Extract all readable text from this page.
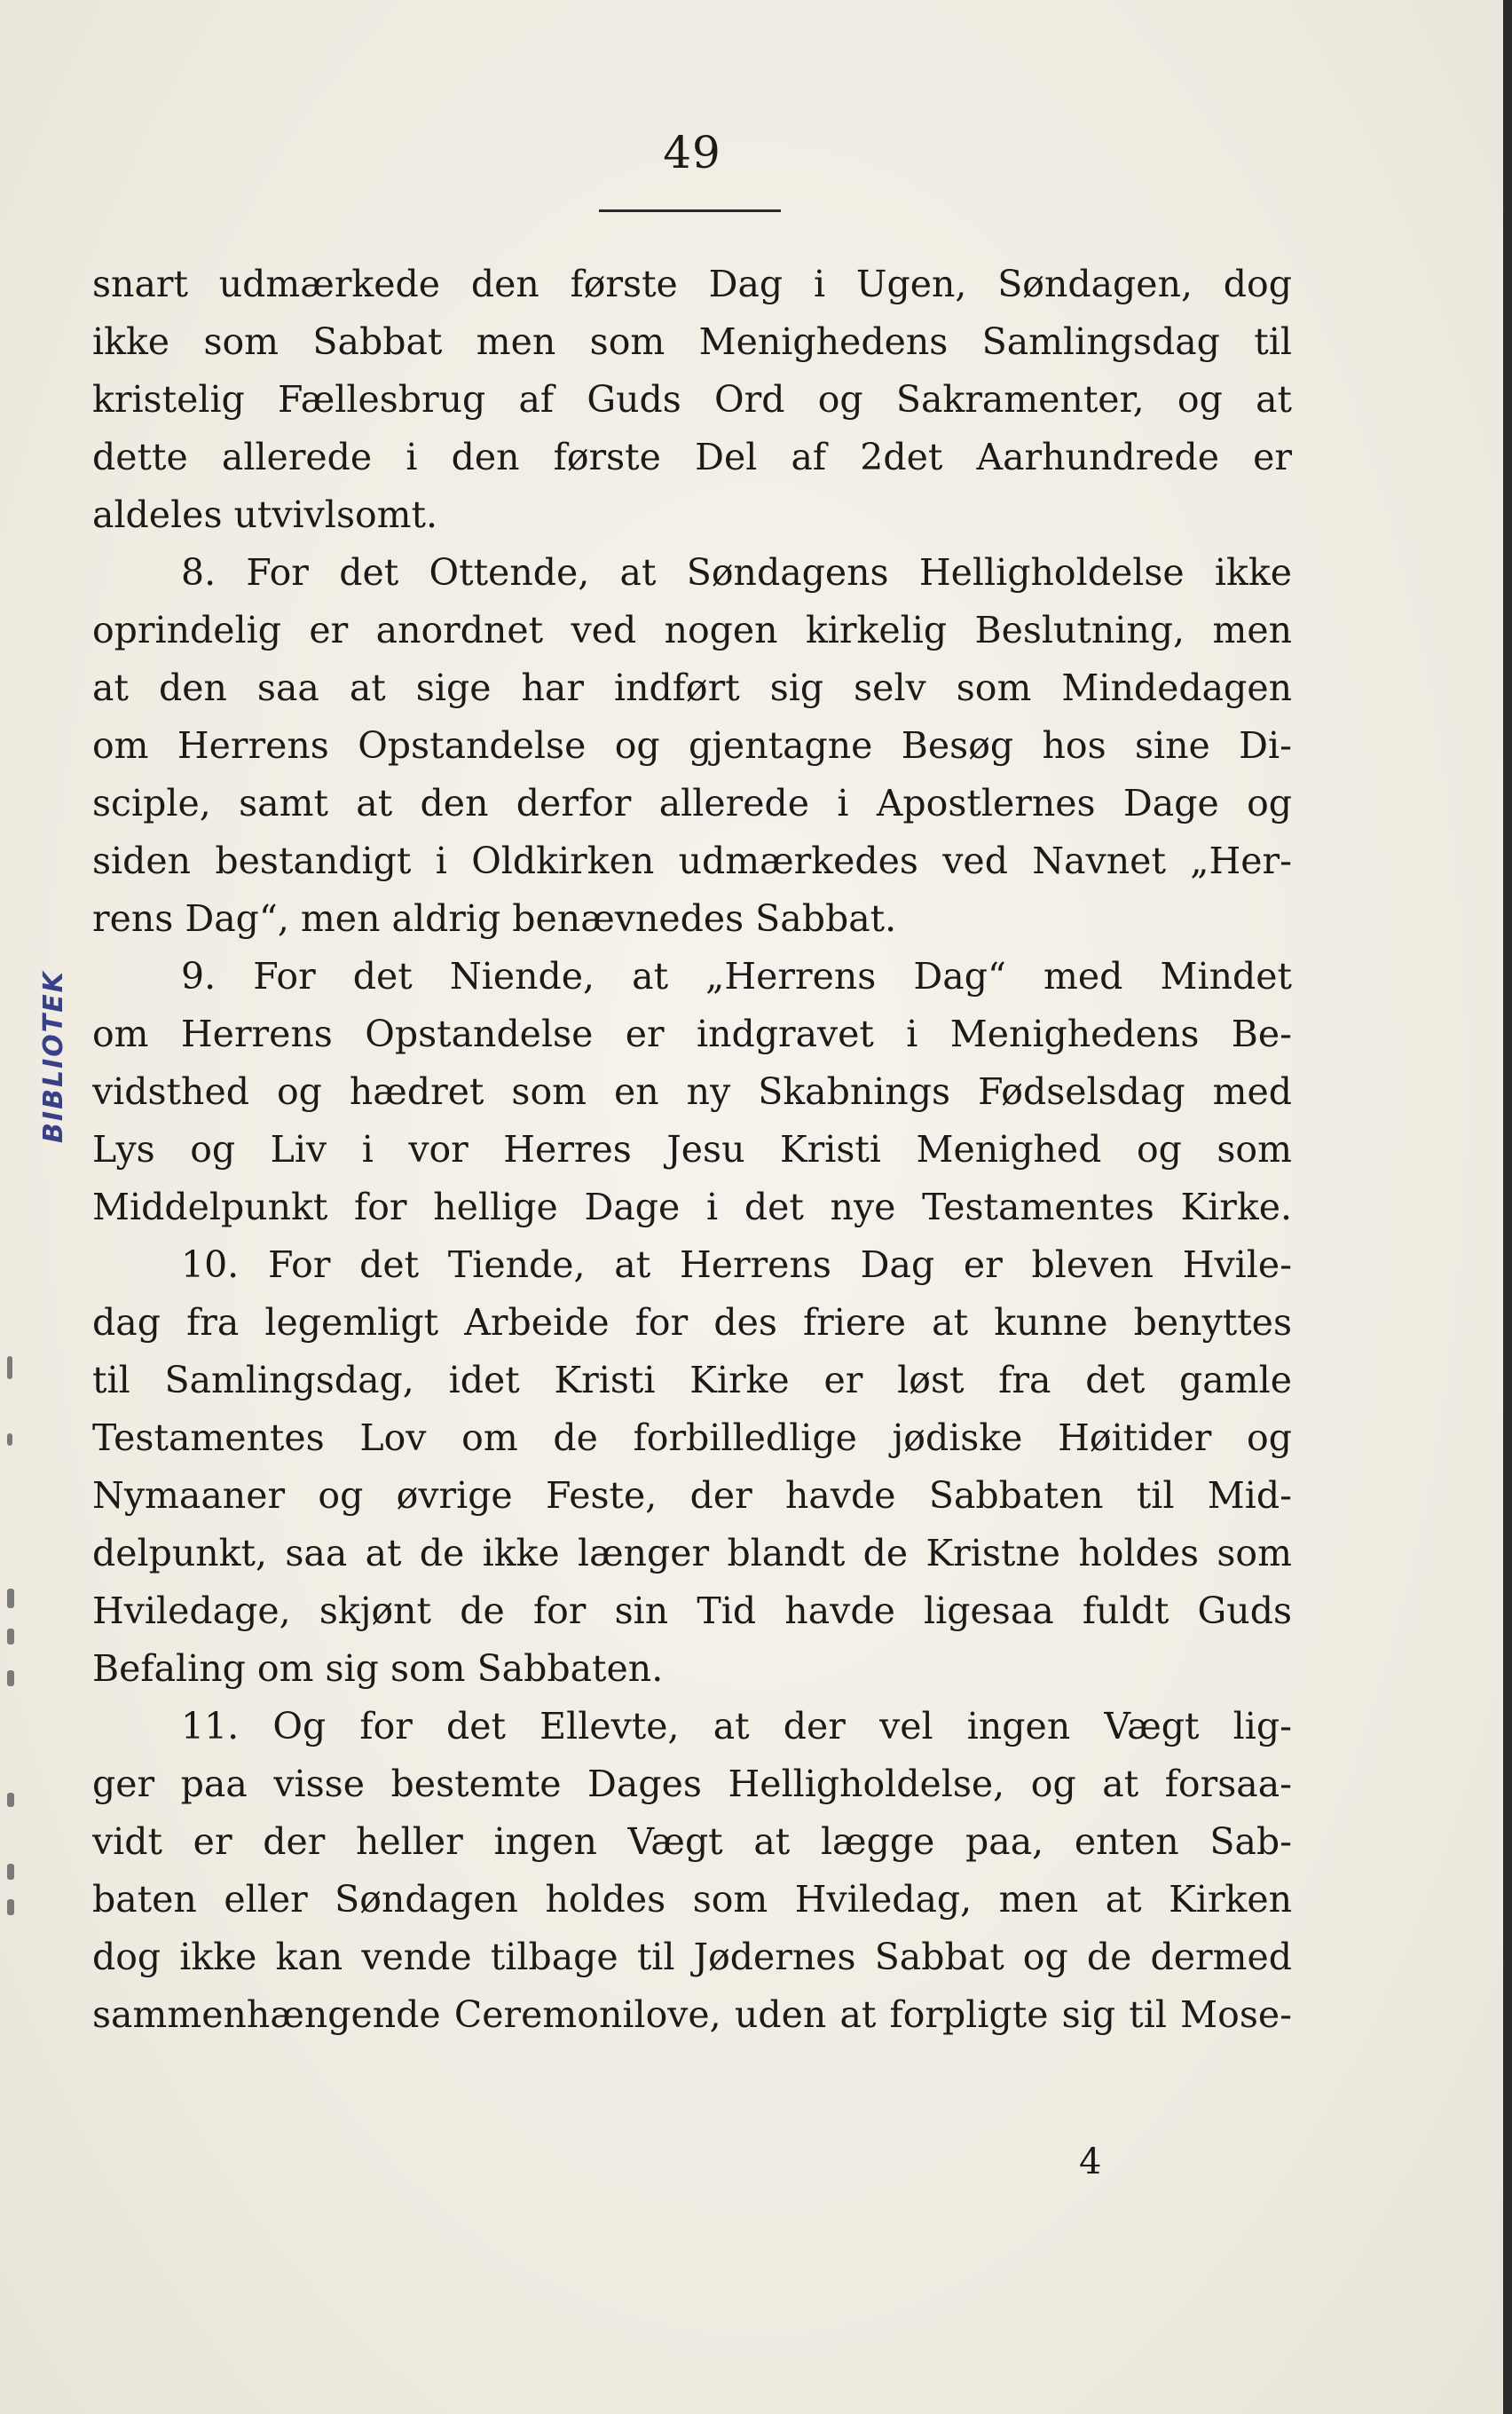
49
snart udmærkede den første Dag i Ugen, Søndagen, dog
ikke som Sabbat men som Menighedens Samlingsdag til
kristelig Fællesbrug af Guds Ord og Sakramenter, og at
dette allerede i den første Del af 2det Aarhundrede er
aldeles utvivlsomt.
8. For det Ottende, at Søndagens Helligholdelse ikke
oprindelig er anordnet ved nogen kirkelig Beslutning, men
at den saa at sige har indført sig selv som Mindedagen
om Herrens Opstandelse og gjentagne Besøg hos sine Di-
sciple, samt at den derfor allerede i Apostlernes Dage og
siden bestandigt i Oldkirken udmærkedes ved Navnet „Her-
rens Dag“, men aldrig benævnedes Sabbat.
9. For det Niende, at „Herrens Dag“ med Mindet
om Herrens Opstandelse er indgravet i Menighedens Be-
vidsthed og hædret som en ny Skabnings Fødselsdag med
Lys og Liv i vor Herres Jesu Kristi Menighed og som
Middelpunkt for hellige Dage i det nye Testamentes Kirke.
10. For det Tiende, at Herrens Dag er bleven Hvile-
dag fra legemligt Arbeide for des friere at kunne benyttes
til Samlingsdag, idet Kristi Kirke er løst fra det gamle
Testamentes Lov om de forbilledlige jødiske Høitider og
Nymaaner og øvrige Feste, der havde Sabbaten til Mid-
delpunkt, saa at de ikke længer blandt de Kristne holdes som
Hviledage, skjønt de for sin Tid havde ligesaa fuldt Guds
Befaling om sig som Sabbaten.
11. Og for det Ellevte, at der vel ingen Vægt lig-
ger paa visse bestemte Dages Helligholdelse, og at forsaa-
vidt er der heller ingen Vægt at lægge paa, enten Sab-
baten eller Søndagen holdes som Hviledag, men at Kirken
dog ikke kan vende tilbage til Jødernes Sabbat og de dermed
sammenhængende Ceremonilove, uden at forpligte sig til Mose-
4
BIBLIOTEK
